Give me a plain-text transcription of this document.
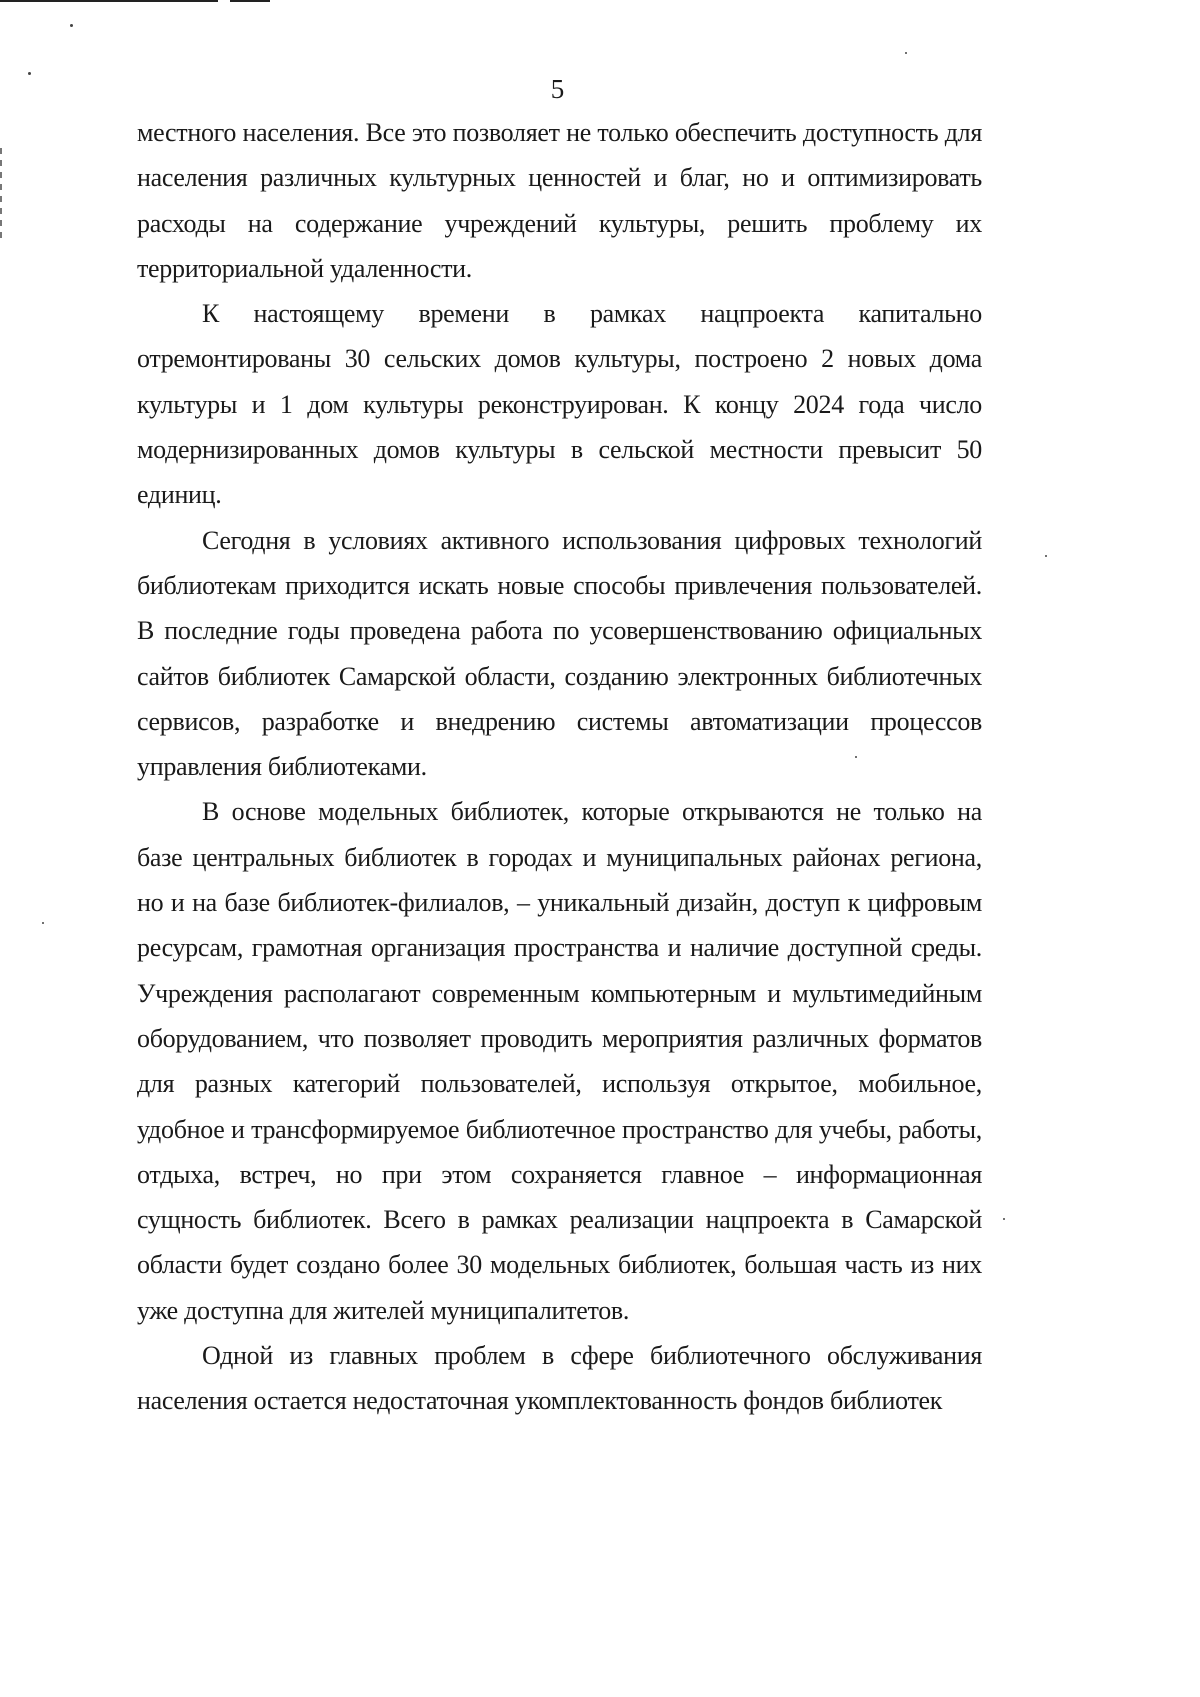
5

местного населения. Все это позволяет не только обеспечить доступность для населения различных культурных ценностей и благ, но и оптимизировать расходы на содержание учреждений культуры, решить проблему их территориальной удаленности.

К настоящему времени в рамках нацпроекта капитально отремонтированы 30 сельских домов культуры, построено 2 новых дома культуры и 1 дом культуры реконструирован. К концу 2024 года число модернизированных домов культуры в сельской местности превысит 50 единиц.

Сегодня в условиях активного использования цифровых технологий библиотекам приходится искать новые способы привлечения пользователей. В последние годы проведена работа по усовершенствованию официальных сайтов библиотек Самарской области, созданию электронных библиотечных сервисов, разработке и внедрению системы автоматизации процессов управления библиотеками.

В основе модельных библиотек, которые открываются не только на базе центральных библиотек в городах и муниципальных районах региона, но и на базе библиотек-филиалов, – уникальный дизайн, доступ к цифровым ресурсам, грамотная организация пространства и наличие доступной среды. Учреждения располагают современным компьютерным и мультимедийным оборудованием, что позволяет проводить мероприятия различных форматов для разных категорий пользователей, используя открытое, мобильное, удобное и трансформируемое библиотечное пространство для учебы, работы, отдыха, встреч, но при этом сохраняется главное – информационная сущность библиотек. Всего в рамках реализации нацпроекта в Самарской области будет создано более 30 модельных библиотек, большая часть из них уже доступна для жителей муниципалитетов.

Одной из главных проблем в сфере библиотечного обслуживания населения остается недостаточная укомплектованность фондов библиотек
